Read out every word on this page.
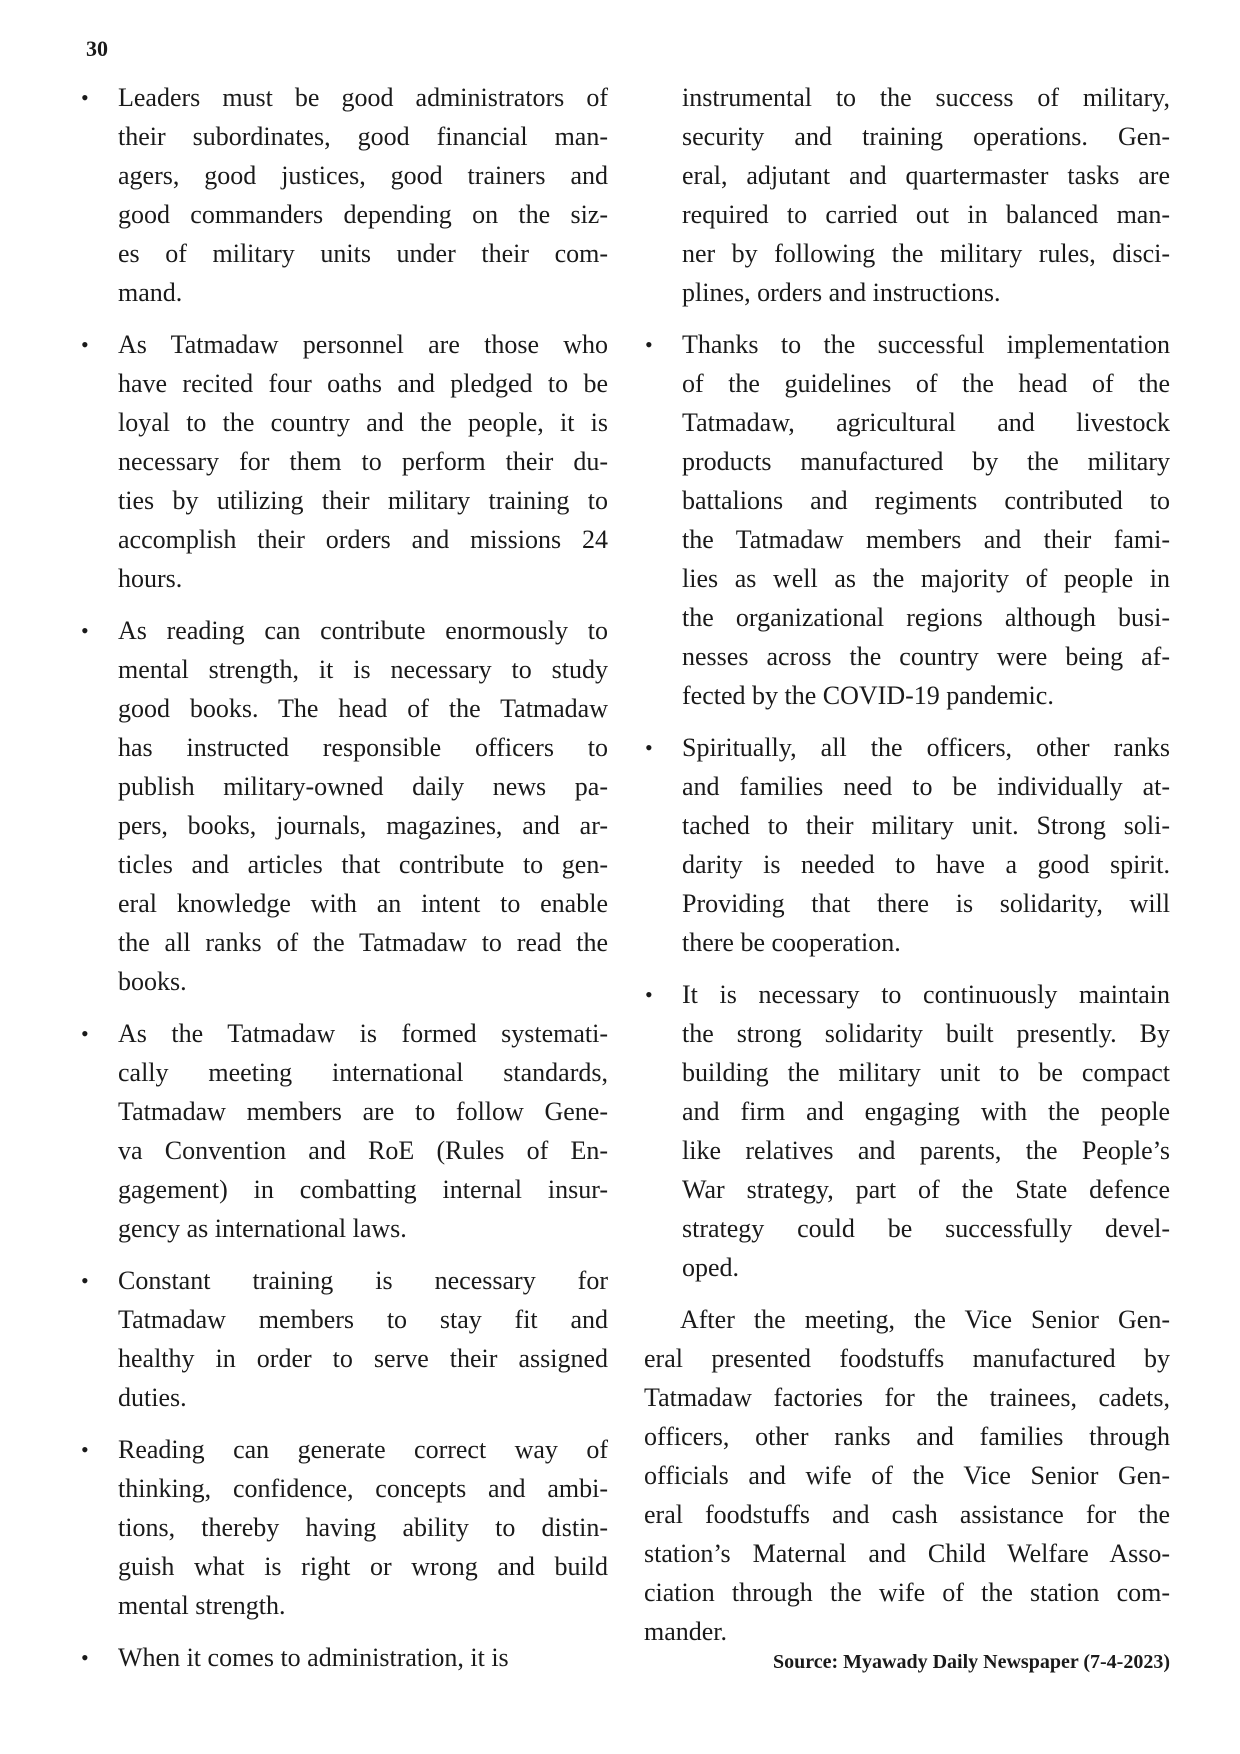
30
• Leaders must be good administrators of
their subordinates, good financial man-
agers, good justices, good trainers and
good commanders depending on the siz-
es of military units under their com-
mand.
• As Tatmadaw personnel are those who
have recited four oaths and pledged to be
loyal to the country and the people, it is
necessary for them to perform their du-
ties by utilizing their military training to
accomplish their orders and missions 24
hours.
• As reading can contribute enormously to
mental strength, it is necessary to study
good books. The head of the Tatmadaw
has instructed responsible officers to
publish military-owned daily news pa-
pers, books, journals, magazines, and ar-
ticles and articles that contribute to gen-
eral knowledge with an intent to enable
the all ranks of the Tatmadaw to read the
books.
• As the Tatmadaw is formed systemati-
cally meeting international standards,
Tatmadaw members are to follow Gene-
va Convention and RoE (Rules of En-
gagement) in combatting internal insur-
gency as international laws.
• Constant training is necessary for
Tatmadaw members to stay fit and
healthy in order to serve their assigned
duties.
• Reading can generate correct way of
thinking, confidence, concepts and ambi-
tions, thereby having ability to distin-
guish what is right or wrong and build
mental strength.
• When it comes to administration, it is
instrumental to the success of military,
security and training operations. Gen-
eral, adjutant and quartermaster tasks are
required to carried out in balanced man-
ner by following the military rules, disci-
plines, orders and instructions.
• Thanks to the successful implementation
of the guidelines of the head of the
Tatmadaw, agricultural and livestock
products manufactured by the military
battalions and regiments contributed to
the Tatmadaw members and their fami-
lies as well as the majority of people in
the organizational regions although busi-
nesses across the country were being af-
fected by the COVID-19 pandemic.
• Spiritually, all the officers, other ranks
and families need to be individually at-
tached to their military unit. Strong soli-
darity is needed to have a good spirit.
Providing that there is solidarity, will
there be cooperation.
• It is necessary to continuously maintain
the strong solidarity built presently. By
building the military unit to be compact
and firm and engaging with the people
like relatives and parents, the People’s
War strategy, part of the State defence
strategy could be successfully devel-
oped.
After the meeting, the Vice Senior Gen-
eral presented foodstuffs manufactured by
Tatmadaw factories for the trainees, cadets,
officers, other ranks and families through
officials and wife of the Vice Senior Gen-
eral foodstuffs and cash assistance for the
station’s Maternal and Child Welfare Asso-
ciation through the wife of the station com-
mander.
Source: Myawady Daily Newspaper (7-4-2023)
